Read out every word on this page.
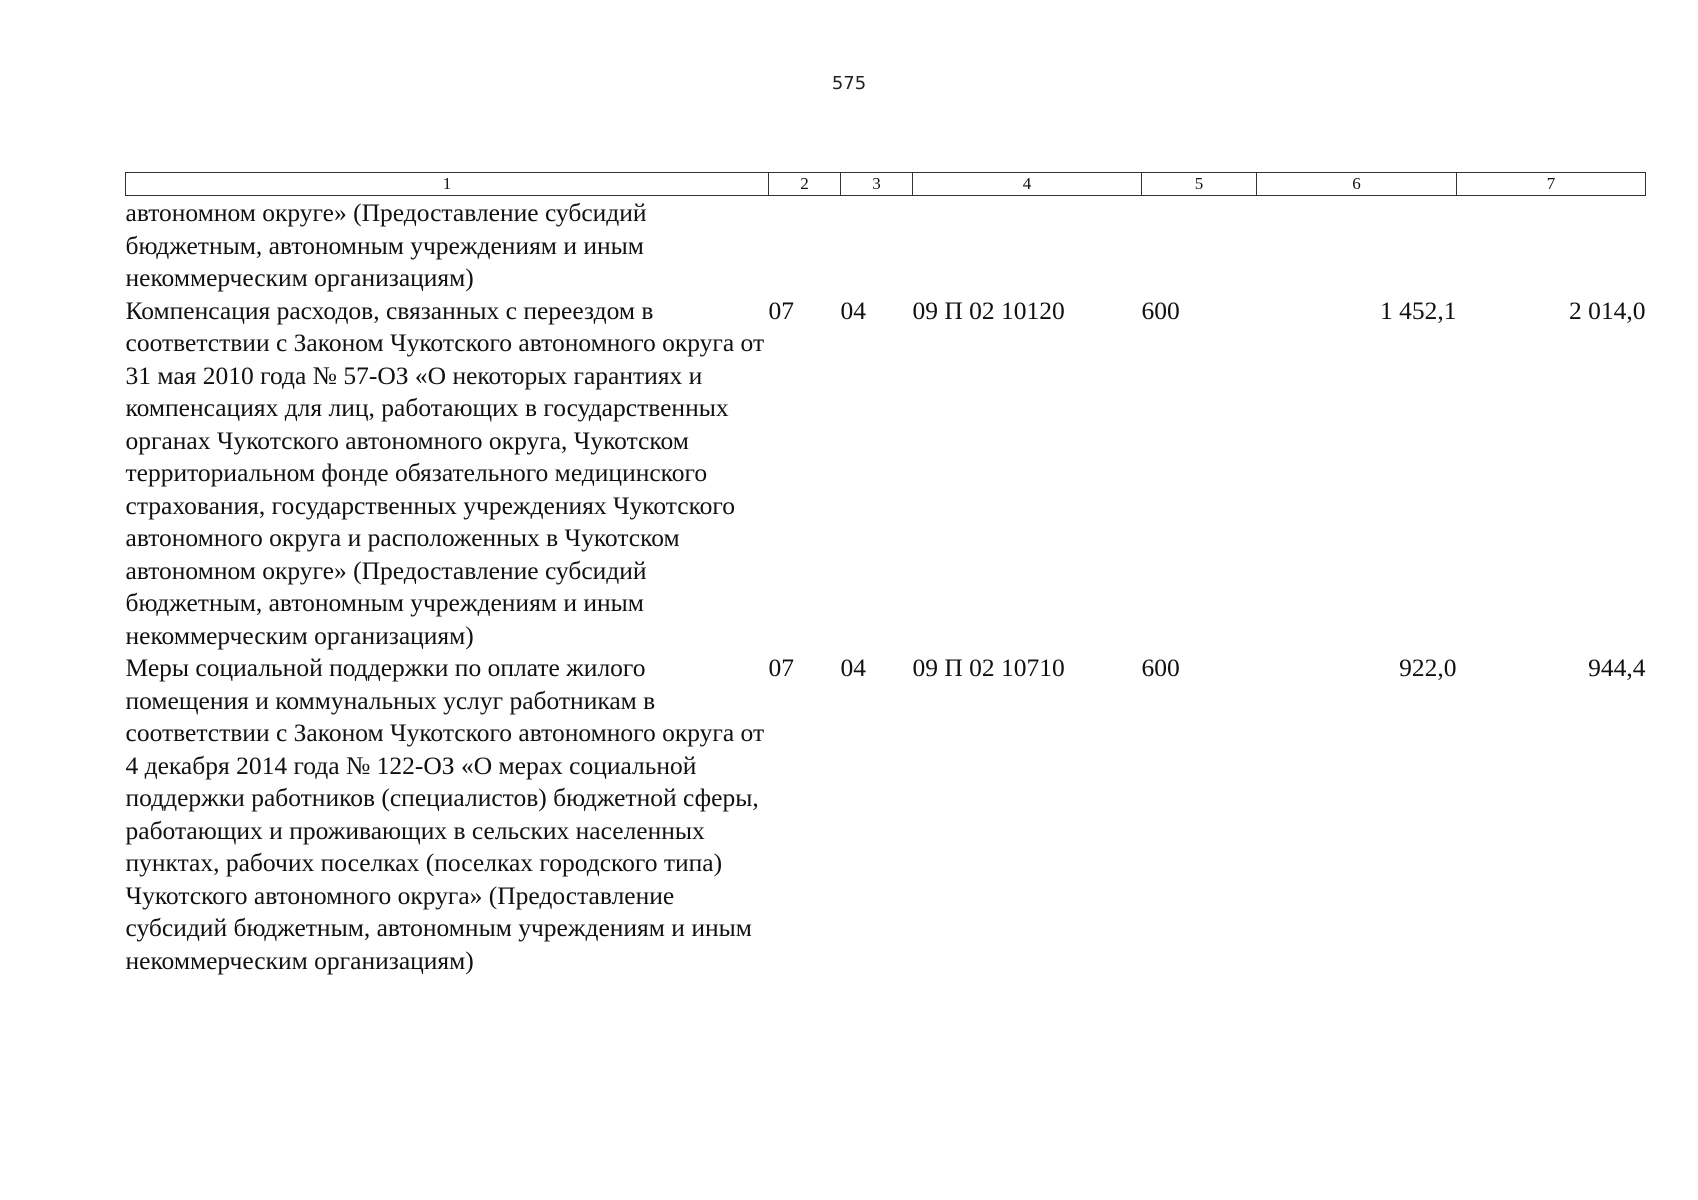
575
1	2	3	4	5	6	7
автономном округе» (Предоставление субсидий бюджетным, автономным учреждениям и иным некоммерческим организациям)						
Компенсация расходов, связанных с переездом в соответствии с Законом Чукотского автономного округа от 31 мая 2010 года № 57-ОЗ «О некоторых гарантиях и компенсациях для лиц, работающих в государственных органах Чукотского автономного округа, Чукотском территориальном фонде обязательного медицинского страхования, государственных учреждениях Чукотского автономного округа и расположенных в Чукотском автономном округе» (Предоставление субсидий бюджетным, автономным учреждениям и иным некоммерческим организациям)	07	04	09 П 02 10120	600	1 452,1	2 014,0
Меры социальной поддержки по оплате жилого помещения и коммунальных услуг работникам в соответствии с Законом Чукотского автономного округа от 4 декабря 2014 года № 122-ОЗ «О мерах социальной поддержки работников (специалистов) бюджетной сферы, работающих и проживающих в сельских населенных пунктах, рабочих поселках (поселках городского типа) Чукотского автономного округа» (Предоставление субсидий бюджетным, автономным учреждениям и иным некоммерческим организациям)	07	04	09 П 02 10710	600	922,0	944,4
